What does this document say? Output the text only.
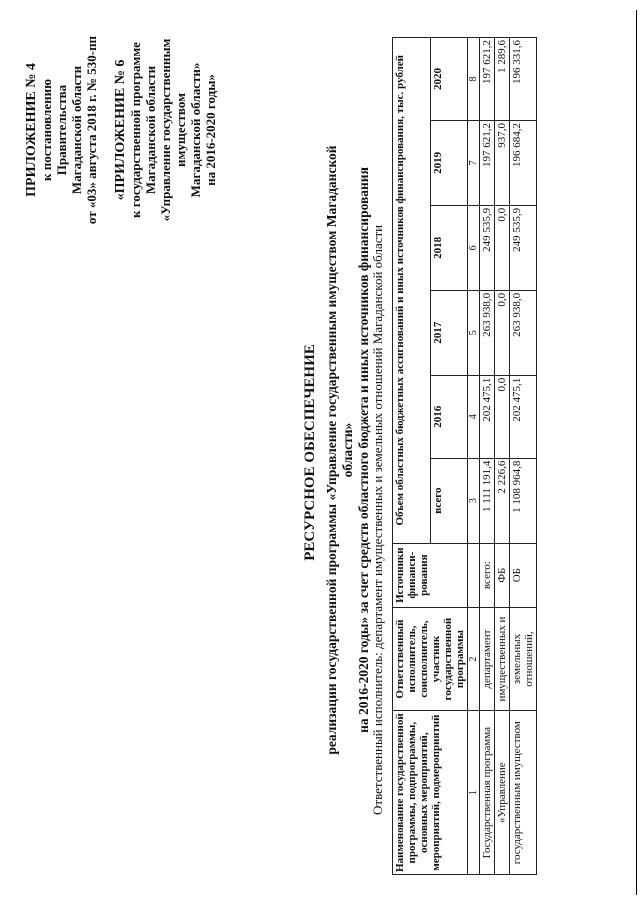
ПРИЛОЖЕНИЕ № 4 к постановлению Правительства Магаданской области от «03» августа 2018 г. № 530-пп «ПРИЛОЖЕНИЕ № 6 к государственной программе Магаданской области «Управление государственным имуществом Магаданской области» на 2016-2020 годы»
РЕСУРСНОЕ ОБЕСПЕЧЕНИЕ реализации государственной программы «Управление государственным имуществом Магаданской области» на 2016-2020 годы» за счет средств областного бюджета и иных источников финансирования Ответственный исполнитель: департамент имущественных и земельных отношений Магаданской области Наименование государственной программы, подпрограммы, основных мероприятий, мероприятий, подмероприятий	Ответственный исполнитель, соисполнитель, участник государственной программы	Источники финанси-рования	Объем областных бюджетных ассигнований и иных источников финансирования, тыс. рублей					
			всего	2016	2017	2018	2019	2020
1	2		3	4	5	6	7	8
Государственная программа	департамент	всего:	1 111 191,4	202 475,1	263 938,0	249 535,9	197 621,2	197 621,2
«Управление	имущественных и	ФБ	2 226,6	0,0	0,0	0,0	937,0	1 289,6
государственным имуществом	земельных отношений,	ОБ	1 108 964,8	202 475,1	263 938,0	249 535,9	196 684,2	196 331,6
